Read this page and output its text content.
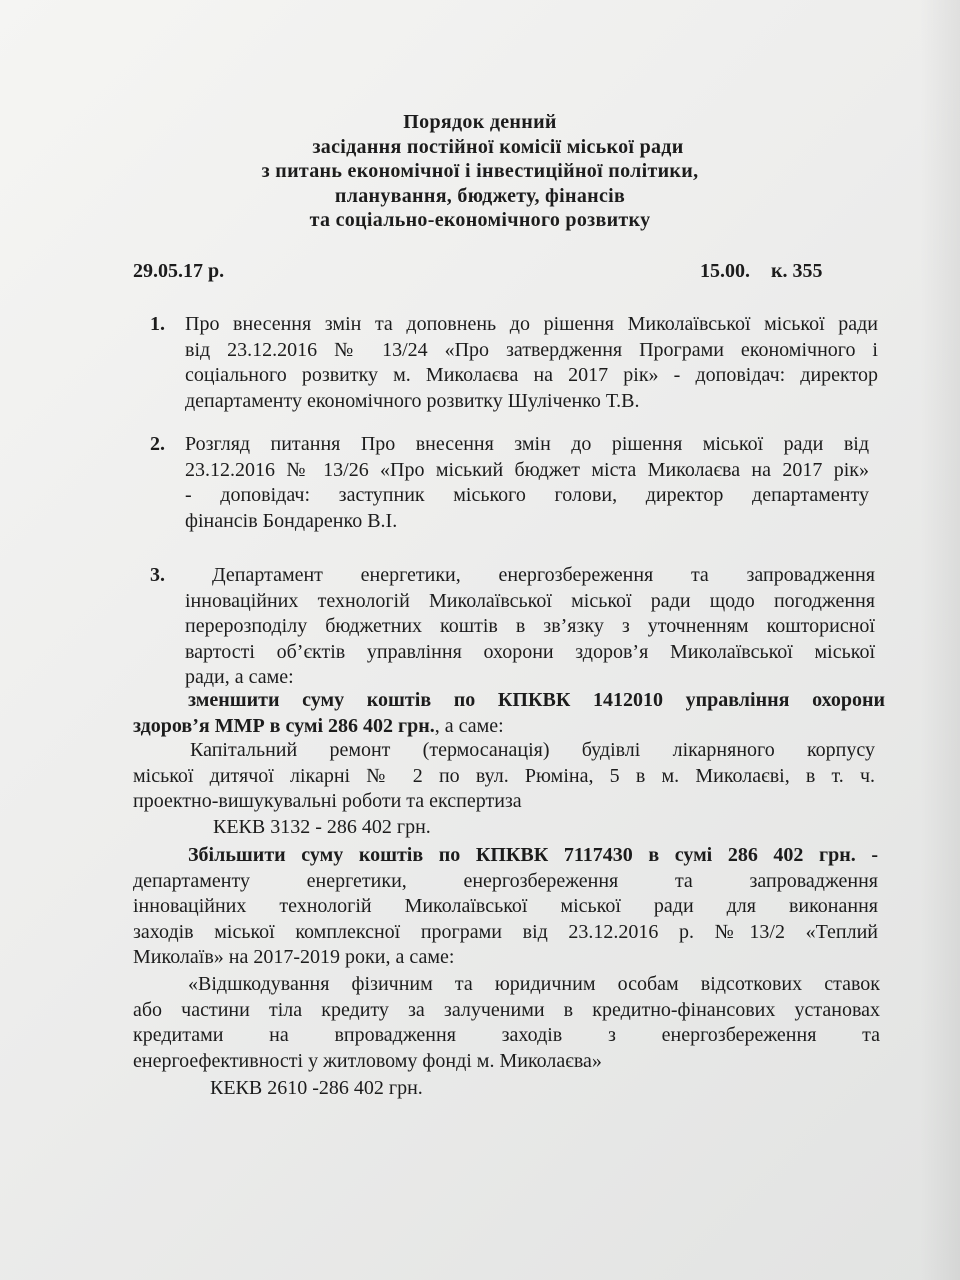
Порядок денний
засідання постійної комісії міської ради
з питань економічної і інвестиційної політики,
планування, бюджету, фінансів
та соціально-економічного розвитку
29.05.17 р.	15.00. к. 355
1. Про внесення змін та доповнень до рішення Миколаївської міської ради
від 23.12.2016 № 13/24 «Про затвердження Програми економічного і
соціального розвитку м. Миколаєва на 2017 рік» - доповідач: директор
департаменту економічного розвитку Шуліченко Т.В.
2. Розгляд питання Про внесення змін до рішення міської ради від
23.12.2016 № 13/26 «Про міський бюджет міста Миколаєва на 2017 рік»
- доповідач: заступник міського голови, директор департаменту
фінансів Бондаренко В.І.
3.	Департамент енергетики, енергозбереження та запровадження
інноваційних технологій Миколаївської міської ради щодо погодження
перерозподілу бюджетних коштів в зв’язку з уточненням кошторисної
вартості об’єктів управління охорони здоров’я Миколаївської міської
ради, а саме:
зменшити суму коштів по КПКВК 1412010 управління охорони
здоров’я ММР в сумі 286 402 грн., а саме:
Капітальний ремонт (термосанація) будівлі лікарняного корпусу
міської дитячої лікарні № 2 по вул. Рюміна, 5 в м. Миколаєві, в т. ч.
проектно-вишукувальні роботи та експертиза
КЕКВ 3132 - 286 402 грн.
Збільшити суму коштів по КПКВК 7117430 в сумі 286 402 грн. -
департаменту енергетики, енергозбереження та запровадження
інноваційних технологій Миколаївської міської ради для виконання
заходів міської комплексної програми від 23.12.2016 р. №13/2 «Теплий
Миколаїв» на 2017-2019 роки, а саме:
«Відшкодування фізичним та юридичним особам відсоткових ставок
або частини тіла кредиту за залученими в кредитно-фінансових установах
кредитами на впровадження заходів з енергозбереження та
енергоефективності у житловому фонді м. Миколаєва»
КЕКВ 2610 -286 402 грн.
